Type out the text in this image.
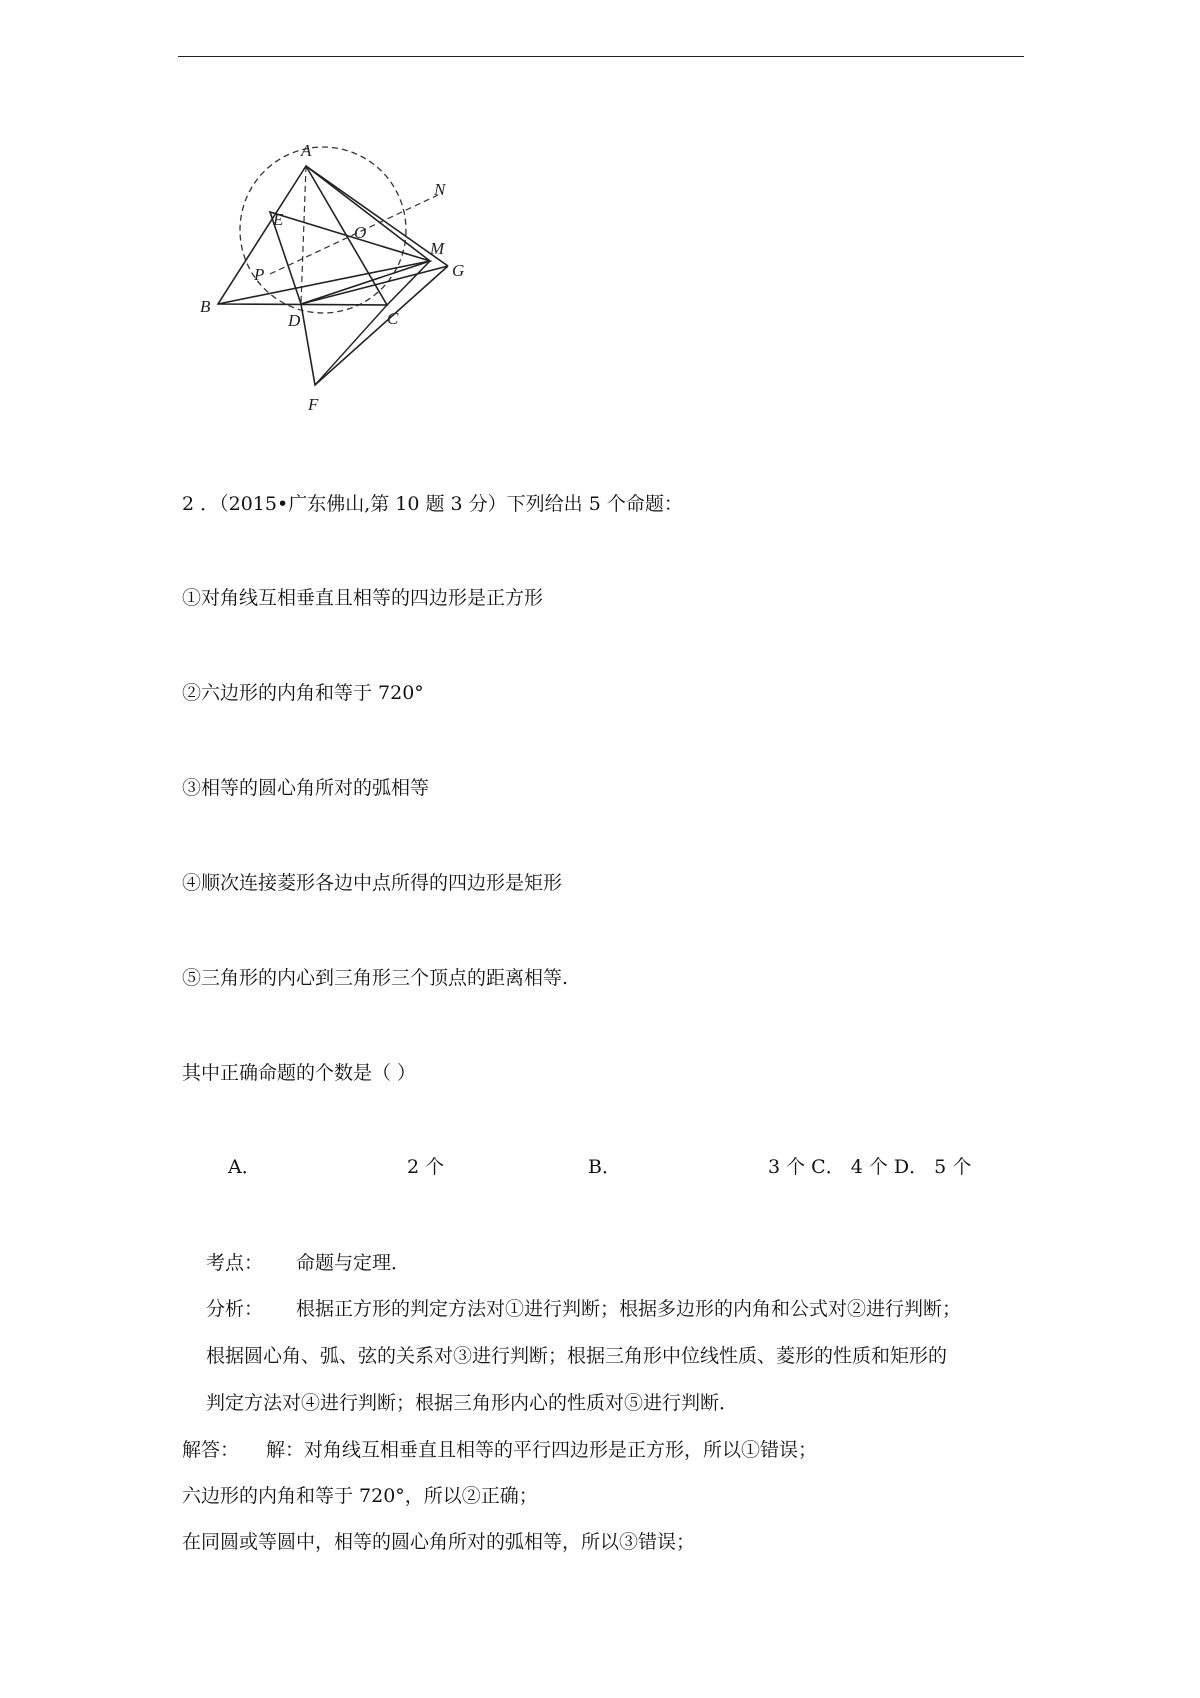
A
B
C
D
E
F
G
M
N
O
P
2 ．（2015•广东佛山,第 10 题 3 分）下列给出 5 个命题：
①对角线互相垂直且相等的四边形是正方形
②六边形的内角和等于 720°
③相等的圆心角所对的弧相等
④顺次连接菱形各边中点所得的四边形是矩形
⑤三角形的内心到三角形三个顶点的距离相等.
其中正确命题的个数是（ ）
A．	2 个	B．	3 个 C． 4 个 D． 5 个
考点： 命题与定理．
分析： 根据正方形的判定方法对①进行判断；根据多边形的内角和公式对②进行判断；
根据圆心角、弧、弦的关系对③进行判断；根据三角形中位线性质、菱形的性质和矩形的
判定方法对④进行判断；根据三角形内心的性质对⑤进行判断．
解答： 解：对角线互相垂直且相等的平行四边形是正方形，所以①错误；
六边形的内角和等于 720°，所以②正确；
在同圆或等圆中，相等的圆心角所对的弧相等，所以③错误；
